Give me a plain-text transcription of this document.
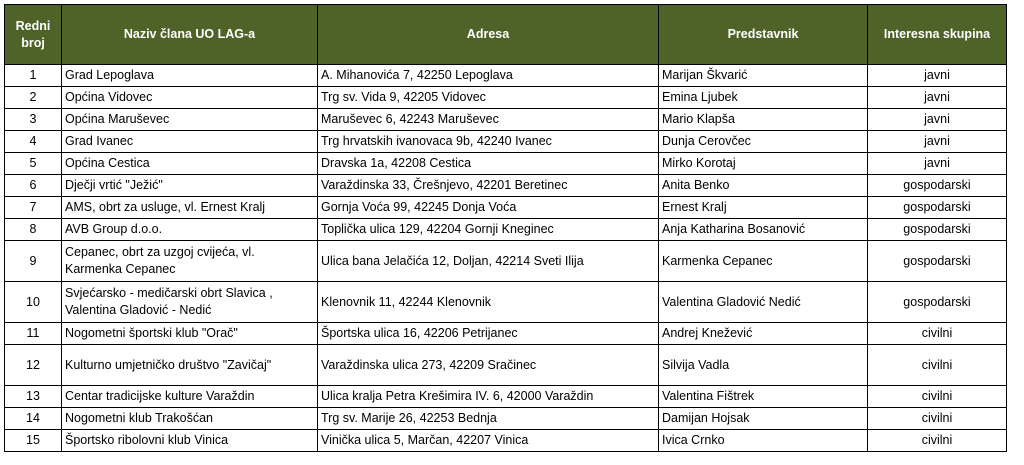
Redni broj	Naziv člana UO LAG-a	Adresa	Predstavnik	Interesna skupina
1	Grad Lepoglava	A. Mihanovića 7, 42250 Lepoglava	Marijan Škvarić	javni
2	Općina Vidovec	Trg sv. Vida 9, 42205 Vidovec	Emina Ljubek	javni
3	Općina Maruševec	Maruševec 6, 42243 Maruševec	Mario Klapša	javni
4	Grad Ivanec	Trg hrvatskih ivanovaca 9b, 42240 Ivanec	Dunja Cerovčec	javni
5	Općina Cestica	Dravska 1a, 42208 Cestica	Mirko Korotaj	javni
6	Dječji vrtić "Ježić"	Varaždinska 33, Črešnjevo, 42201 Beretinec	Anita Benko	gospodarski
7	AMS, obrt za usluge, vl. Ernest Kralj	Gornja Voća 99, 42245 Donja Voća	Ernest Kralj	gospodarski
8	AVB Group d.o.o.	Toplička ulica 129, 42204 Gornji Kneginec	Anja Katharina Bosanović	gospodarski
9	Cepanec, obrt za uzgoj cvijeća, vl. Karmenka Cepanec	Ulica bana Jelačića 12, Doljan, 42214 Sveti Ilija	Karmenka Cepanec	gospodarski
10	Svjećarsko - medičarski obrt Slavica , Valentina Gladović - Nedić	Klenovnik 11, 42244 Klenovnik	Valentina Gladović Nedić	gospodarski
11	Nogometni športski klub "Orač"	Športska ulica 16, 42206 Petrijanec	Andrej Knežević	civilni
12	Kulturno umjetničko društvo "Zavičaj"	Varaždinska ulica 273, 42209 Sračinec	Silvija Vadla	civilni
13	Centar tradicijske kulture Varaždin	Ulica kralja Petra Krešimira IV. 6, 42000 Varaždin	Valentina Fištrek	civilni
14	Nogometni klub Trakošćan	Trg sv. Marije 26, 42253 Bednja	Damijan Hojsak	civilni
15	Športsko ribolovni klub Vinica	Vinička ulica 5, Marčan, 42207 Vinica	Ivica Crnko	civilni
